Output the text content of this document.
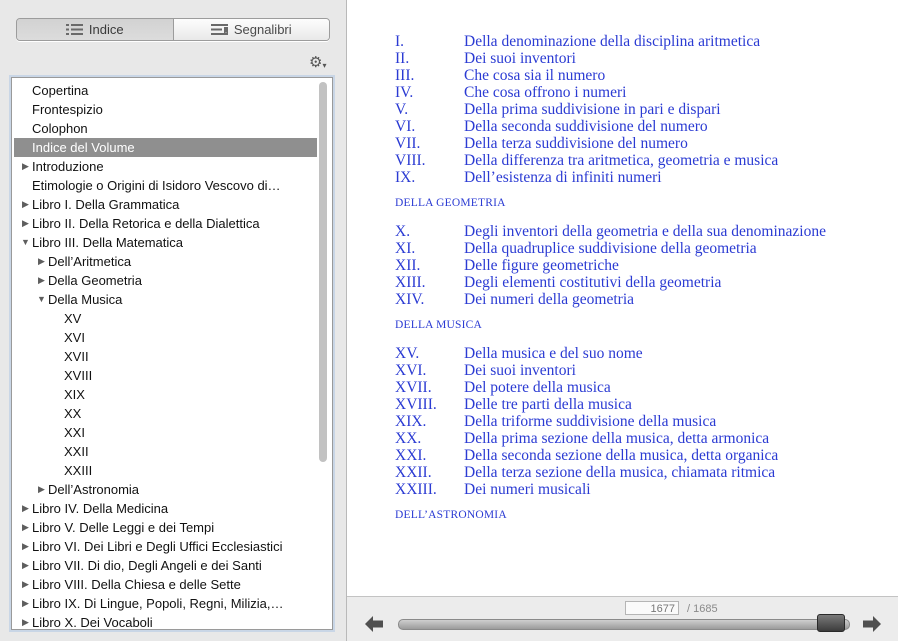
Indice	Segnalibri
⚙▾
Copertina
Frontespizio
Colophon
Indice del Volume
▶ Introduzione
Etimologie o Origini di Isidoro Vescovo di…
▶ Libro I. Della Grammatica
▶ Libro II. Della Retorica e della Dialettica
▼ Libro III. Della Matematica
▶ Dell’Aritmetica
▶ Della Geometria
▼ Della Musica
XV
XVI
XVII
XVIII
XIX
XX
XXI
XXII
XXIII
▶ Dell’Astronomia
▶ Libro IV. Della Medicina
▶ Libro V. Delle Leggi e dei Tempi
▶ Libro VI. Dei Libri e Degli Uffici Ecclesiastici
▶ Libro VII. Di dio, Degli Angeli e dei Santi
▶ Libro VIII. Della Chiesa e delle Sette
▶ Libro IX. Di Lingue, Popoli, Regni, Milizia,…
▶ Libro X. Dei Vocaboli
I.	Della denominazione della disciplina aritmetica
II.	Dei suoi inventori
III.	Che cosa sia il numero
IV.	Che cosa offrono i numeri
V.	Della prima suddivisione in pari e dispari
VI.	Della seconda suddivisione del numero
VII.	Della terza suddivisione del numero
VIII. Della differenza tra aritmetica, geometria e musica
IX.	Dell’esistenza di infiniti numeri
DELLA GEOMETRIA
X.	Degli inventori della geometria e della sua denominazione
XI.	Della quadruplice suddivisione della geometria
XII.	Delle figure geometriche
XIII. Degli elementi costitutivi della geometria
XIV.	Dei numeri della geometria
DELLA MUSICA
XV.	Della musica e del suo nome
XVI. Dei suoi inventori
XVII. Del potere della musica
XVIII. Delle tre parti della musica
XIX. Della triforme suddivisione della musica
XX.	Della prima sezione della musica, detta armonica
XXI. Della seconda sezione della musica, detta organica
XXII. Della terza sezione della musica, chiamata ritmica
XXIII. Dei numeri musicali
DELL’ASTRONOMIA
1677	/ 1685
